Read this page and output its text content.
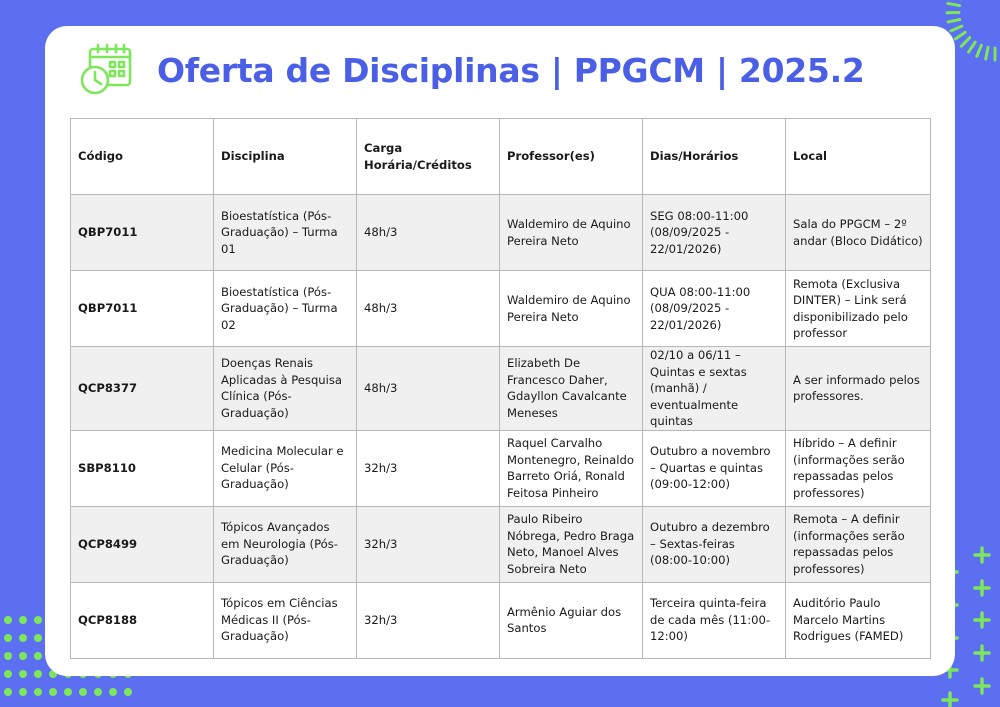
Oferta de Disciplinas | PPGCM | 2025.2
Código	Disciplina	Carga Horária/Créditos	Professor(es)	Dias/Horários	Local
QBP7011	Bioestatística (Pós-Graduação) – Turma 01	48h/3	Waldemiro de Aquino Pereira Neto	SEG 08:00-11:00 (08/09/2025 - 22/01/2026)	Sala do PPGCM – 2º andar (Bloco Didático)
QBP7011	Bioestatística (Pós-Graduação) – Turma 02	48h/3	Waldemiro de Aquino Pereira Neto	QUA 08:00-11:00 (08/09/2025 - 22/01/2026)	Remota (Exclusiva DINTER) – Link será disponibilizado pelo professor
QCP8377	Doenças Renais Aplicadas à Pesquisa Clínica (Pós-Graduação)	48h/3	Elizabeth De Francesco Daher, Gdayllon Cavalcante Meneses	02/10 a 06/11 – Quintas e sextas (manhã) / eventualmente quintas	A ser informado pelos professores.
SBP8110	Medicina Molecular e Celular (Pós-Graduação)	32h/3	Raquel Carvalho Montenegro, Reinaldo Barreto Oriá, Ronald Feitosa Pinheiro	Outubro a novembro – Quartas e quintas (09:00-12:00)	Híbrido – A definir (informações serão repassadas pelos professores)
QCP8499	Tópicos Avançados em Neurologia (Pós-Graduação)	32h/3	Paulo Ribeiro Nóbrega, Pedro Braga Neto, Manoel Alves Sobreira Neto	Outubro a dezembro – Sextas-feiras (08:00-10:00)	Remota – A definir (informações serão repassadas pelos professores)
QCP8188	Tópicos em Ciências Médicas II (Pós-Graduação)	32h/3	Armênio Aguiar dos Santos	Terceira quinta-feira de cada mês (11:00-12:00)	Auditório Paulo Marcelo Martins Rodrigues (FAMED)
